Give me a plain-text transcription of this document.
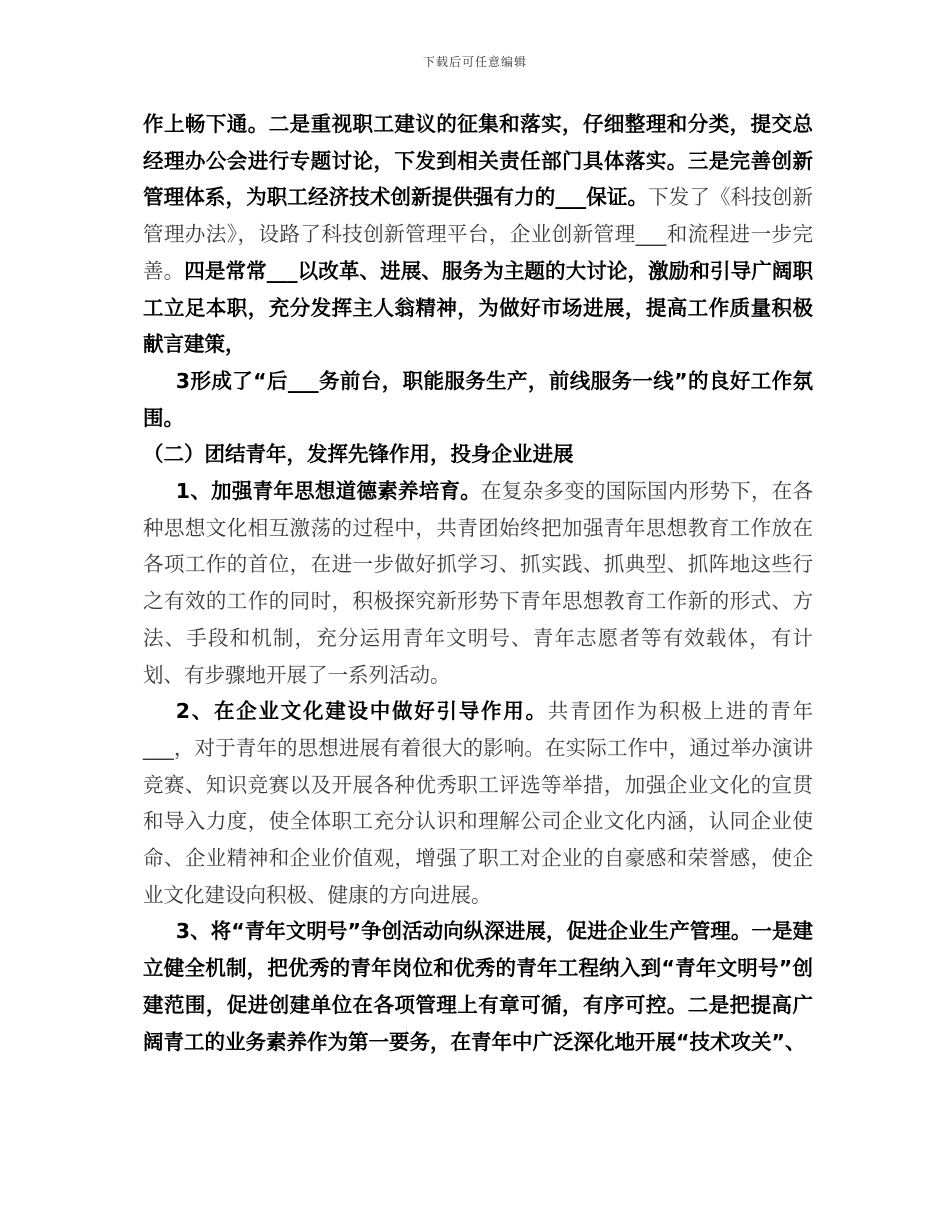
下载后可任意编辑

作上畅下通。二是重视职工建议的征集和落实，仔细整理和分类，提交总经理办公会进行专题讨论，下发到相关责任部门具体落实。三是完善创新管理体系，为职工经济技术创新提供强有力的___保证。下发了《科技创新管理办法》，设路了科技创新管理平台，企业创新管理___和流程进一步完善。四是常常___以改革、进展、服务为主题的大讨论，激励和引导广阔职工立足本职，充分发挥主人翁精神，为做好市场进展，提高工作质量积极献言建策，

3形成了“后___务前台，职能服务生产，前线服务一线”的良好工作氛围。

（二）团结青年，发挥先锋作用，投身企业进展

1、加强青年思想道德素养培育。在复杂多变的国际国内形势下，在各种思想文化相互激荡的过程中，共青团始终把加强青年思想教育工作放在各项工作的首位，在进一步做好抓学习、抓实践、抓典型、抓阵地这些行之有效的工作的同时，积极探究新形势下青年思想教育工作新的形式、方法、手段和机制，充分运用青年文明号、青年志愿者等有效载体，有计划、有步骤地开展了一系列活动。

2、在企业文化建设中做好引导作用。共青团作为积极上进的青年___，对于青年的思想进展有着很大的影响。在实际工作中，通过举办演讲竞赛、知识竞赛以及开展各种优秀职工评选等举措，加强企业文化的宣贯和导入力度，使全体职工充分认识和理解公司企业文化内涵，认同企业使命、企业精神和企业价值观，增强了职工对企业的自豪感和荣誉感，使企业文化建设向积极、健康的方向进展。

3、将“青年文明号”争创活动向纵深进展，促进企业生产管理。一是建立健全机制，把优秀的青年岗位和优秀的青年工程纳入到“青年文明号”创建范围，促进创建单位在各项管理上有章可循，有序可控。二是把提高广阔青工的业务素养作为第一要务，在青年中广泛深化地开展“技术攻关”、
